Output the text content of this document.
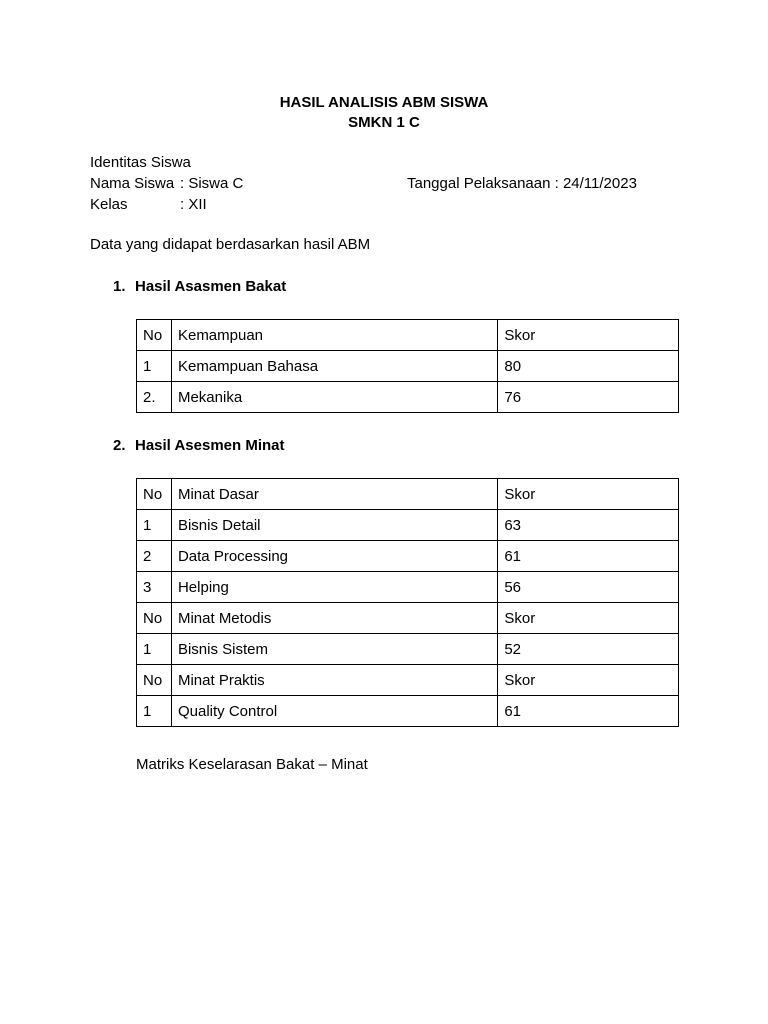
HASIL ANALISIS ABM SISWA
SMKN 1 C
Identitas Siswa
Nama Siswa : Siswa C	Tanggal Pelaksanaan : 24/11/2023
Kelas	: XII
Data yang didapat berdasarkan hasil ABM
1. Hasil Asasmen Bakat
No	Kemampuan	Skor
1	Kemampuan Bahasa	80
2.	Mekanika	76
2. Hasil Asesmen Minat
No	Minat Dasar	Skor
1	Bisnis Detail	63
2	Data Processing	61
3	Helping	56
No	Minat Metodis	Skor
1	Bisnis Sistem	52
No	Minat Praktis	Skor
1	Quality Control	61
Matriks Keselarasan Bakat – Minat
